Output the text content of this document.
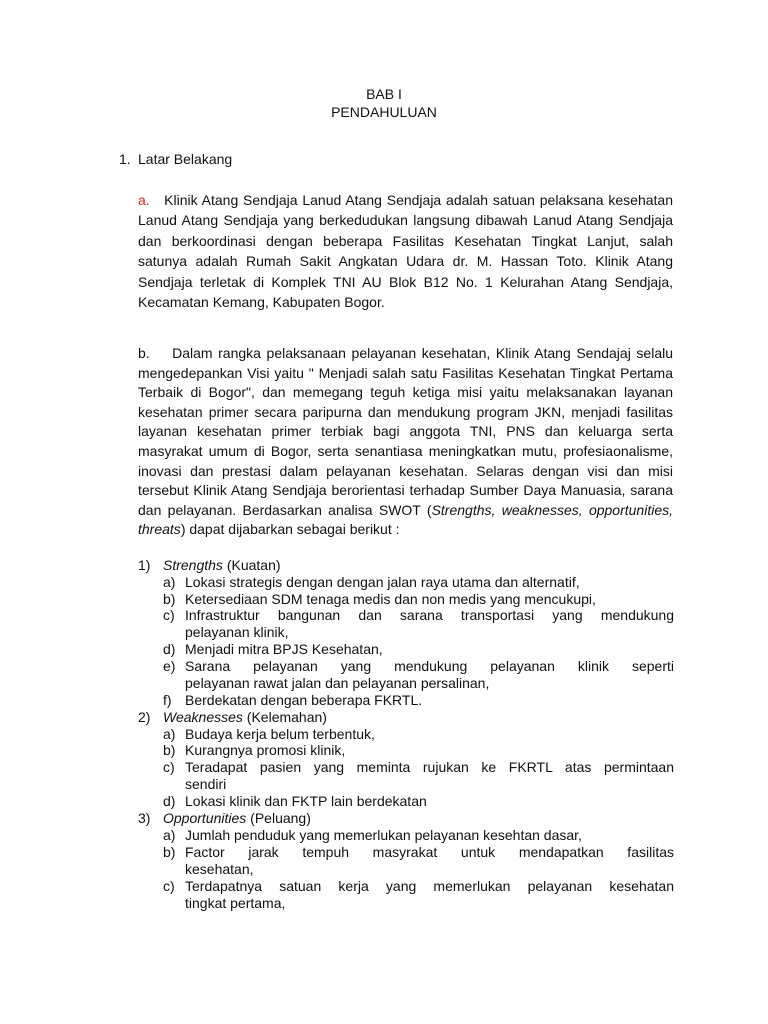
BAB I
PENDAHULUAN
1. Latar Belakang
a. Klinik Atang Sendjaja Lanud Atang Sendjaja adalah satuan pelaksana kesehatan Lanud Atang Sendjaja yang berkedudukan langsung dibawah Lanud Atang Sendjaja dan berkoordinasi dengan beberapa Fasilitas Kesehatan Tingkat Lanjut, salah satunya adalah Rumah Sakit Angkatan Udara dr. M. Hassan Toto. Klinik Atang Sendjaja terletak di Komplek TNI AU Blok B12 No. 1 Kelurahan Atang Sendjaja, Kecamatan Kemang, Kabupaten Bogor.
b. Dalam rangka pelaksanaan pelayanan kesehatan, Klinik Atang Sendajaj selalu mengedepankan Visi yaitu " Menjadi salah satu Fasilitas Kesehatan Tingkat Pertama Terbaik di Bogor", dan memegang teguh ketiga misi yaitu melaksanakan layanan kesehatan primer secara paripurna dan mendukung program JKN, menjadi fasilitas layanan kesehatan primer terbiak bagi anggota TNI, PNS dan keluarga serta masyrakat umum di Bogor, serta senantiasa meningkatkan mutu, profesiaonalisme, inovasi dan prestasi dalam pelayanan kesehatan. Selaras dengan visi dan misi tersebut Klinik Atang Sendjaja berorientasi terhadap Sumber Daya Manuasia, sarana dan pelayanan. Berdasarkan analisa SWOT (Strengths, weaknesses, opportunities, threats) dapat dijabarkan sebagai berikut :
1) Strengths (Kuatan)
a) Lokasi strategis dengan dengan jalan raya utama dan alternatif,
b) Ketersediaan SDM tenaga medis dan non medis yang mencukupi,
c) Infrastruktur bangunan dan sarana transportasi yang mendukung
pelayanan klinik,
d) Menjadi mitra BPJS Kesehatan,
e) Sarana pelayanan yang mendukung pelayanan klinik seperti
pelayanan rawat jalan dan pelayanan persalinan,
f) Berdekatan dengan beberapa FKRTL.
2) Weaknesses (Kelemahan)
a) Budaya kerja belum terbentuk,
b) Kurangnya promosi klinik,
c) Teradapat pasien yang meminta rujukan ke FKRTL atas permintaan
sendiri
d) Lokasi klinik dan FKTP lain berdekatan
3) Opportunities (Peluang)
a) Jumlah penduduk yang memerlukan pelayanan kesehtan dasar,
b) Factor jarak tempuh masyrakat untuk mendapatkan fasilitas
kesehatan,
c) Terdapatnya satuan kerja yang memerlukan pelayanan kesehatan
tingkat pertama,
